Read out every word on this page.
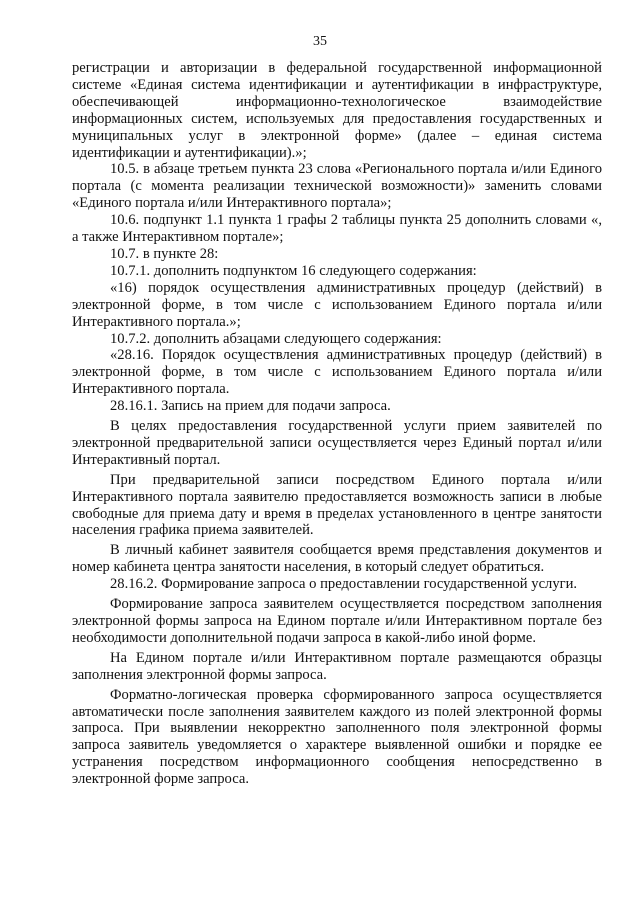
35

регистрации и авторизации в федеральной государственной информационной системе «Единая система идентификации и аутентификации в инфраструктуре, обеспечивающей информационно-технологическое взаимодействие информационных систем, используемых для предоставления государственных и муниципальных услуг в электронной форме» (далее – единая система идентификации и аутентификации).»;

10.5. в абзаце третьем пункта 23 слова «Регионального портала и/или Единого портала (с момента реализации технической возможности)» заменить словами «Единого портала и/или Интерактивного портала»;

10.6. подпункт 1.1 пункта 1 графы 2 таблицы пункта 25 дополнить словами «, а также Интерактивном портале»;

10.7. в пункте 28:

10.7.1. дополнить подпунктом 16 следующего содержания:

«16) порядок осуществления административных процедур (действий) в электронной форме, в том числе с использованием Единого портала и/или Интерактивного портала.»;

10.7.2. дополнить абзацами следующего содержания:

«28.16. Порядок осуществления административных процедур (действий) в электронной форме, в том числе с использованием Единого портала и/или Интерактивного портала.

28.16.1. Запись на прием для подачи запроса.

В целях предоставления государственной услуги прием заявителей по электронной предварительной записи осуществляется через Единый портал и/или Интерактивный портал.

При предварительной записи посредством Единого портала и/или Интерактивного портала заявителю предоставляется возможность записи в любые свободные для приема дату и время в пределах установленного в центре занятости населения графика приема заявителей.

В личный кабинет заявителя сообщается время представления документов и номер кабинета центра занятости населения, в который следует обратиться.

28.16.2. Формирование запроса о предоставлении государственной услуги.

Формирование запроса заявителем осуществляется посредством заполнения электронной формы запроса на Едином портале и/или Интерактивном портале без необходимости дополнительной подачи запроса в какой-либо иной форме.

На Едином портале и/или Интерактивном портале размещаются образцы заполнения электронной формы запроса.

Форматно-логическая проверка сформированного запроса осуществляется автоматически после заполнения заявителем каждого из полей электронной формы запроса. При выявлении некорректно заполненного поля электронной формы запроса заявитель уведомляется о характере выявленной ошибки и порядке ее устранения посредством информационного сообщения непосредственно в электронной форме запроса.
